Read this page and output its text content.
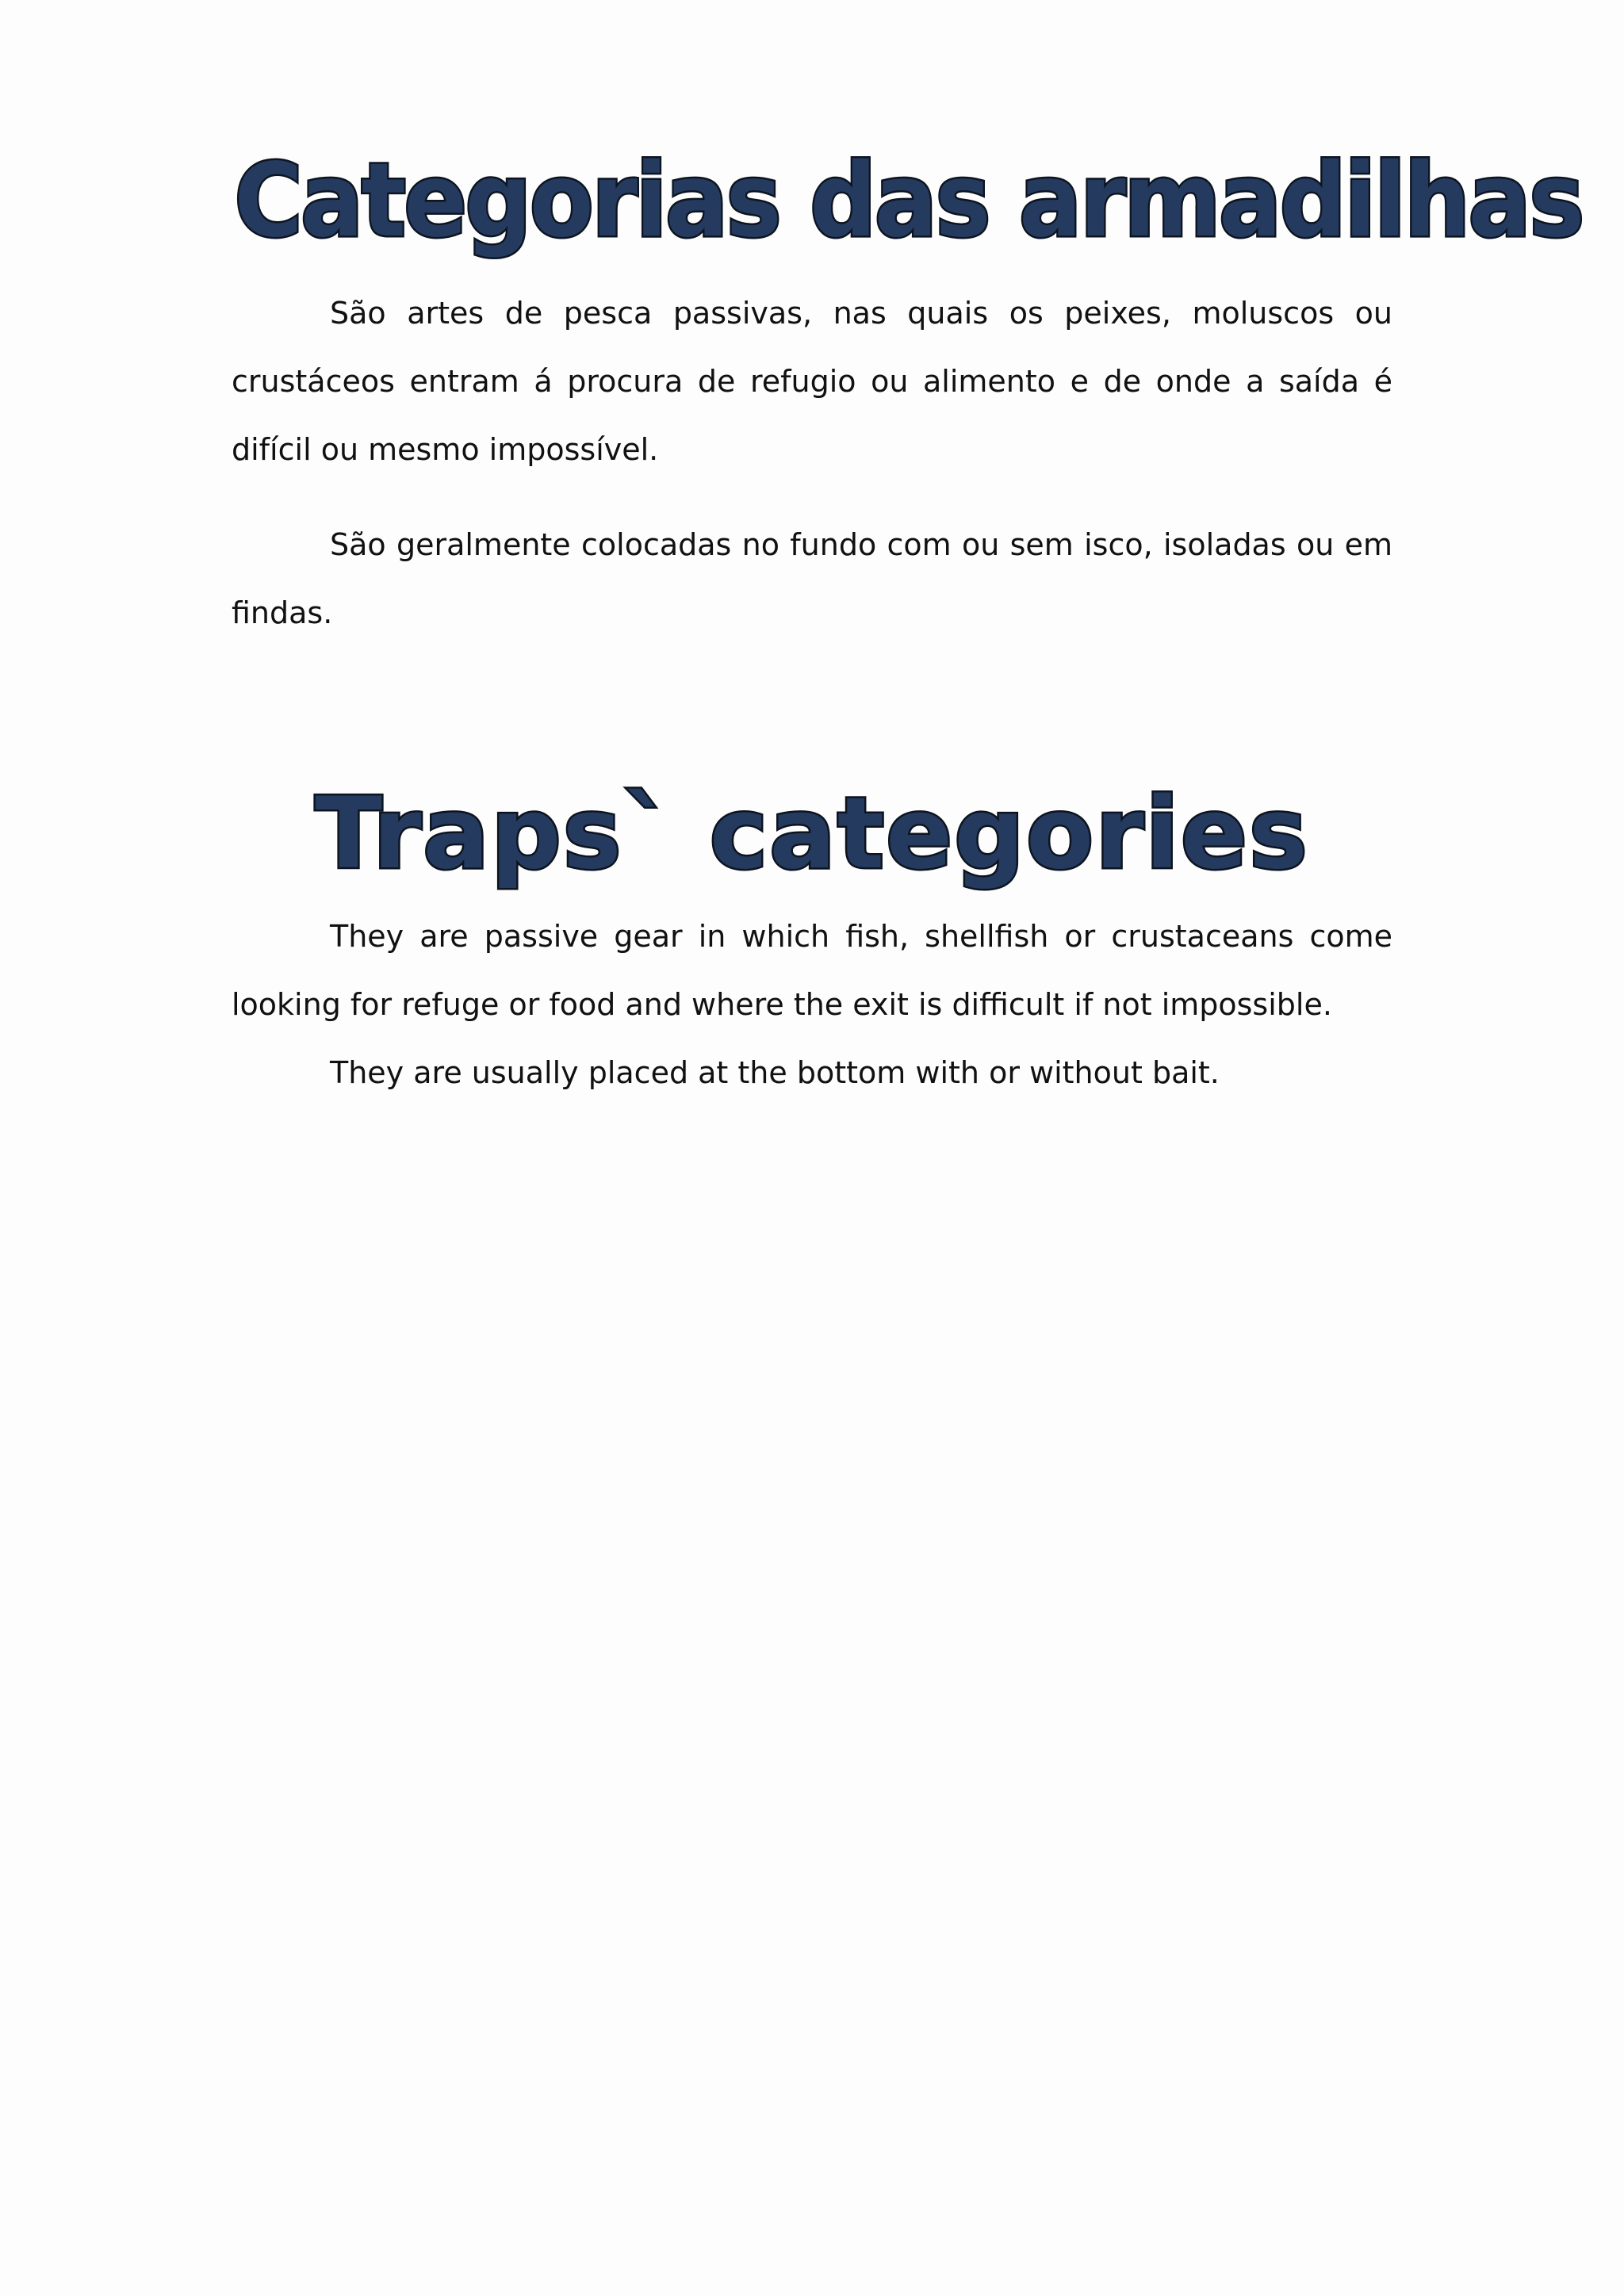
Categorias das armadilhas

São artes de pesca passivas, nas quais os peixes, moluscos ou crustáceos entram á procura de refugio ou alimento e de onde a saída é difícil ou mesmo impossível.

São geralmente colocadas no fundo com ou sem isco, isoladas ou em findas.

Traps` categories

They are passive gear in which fish, shellfish or crustaceans come looking for refuge or food and where the exit is difficult if not impossible.

They are usually placed at the bottom with or without bait.
